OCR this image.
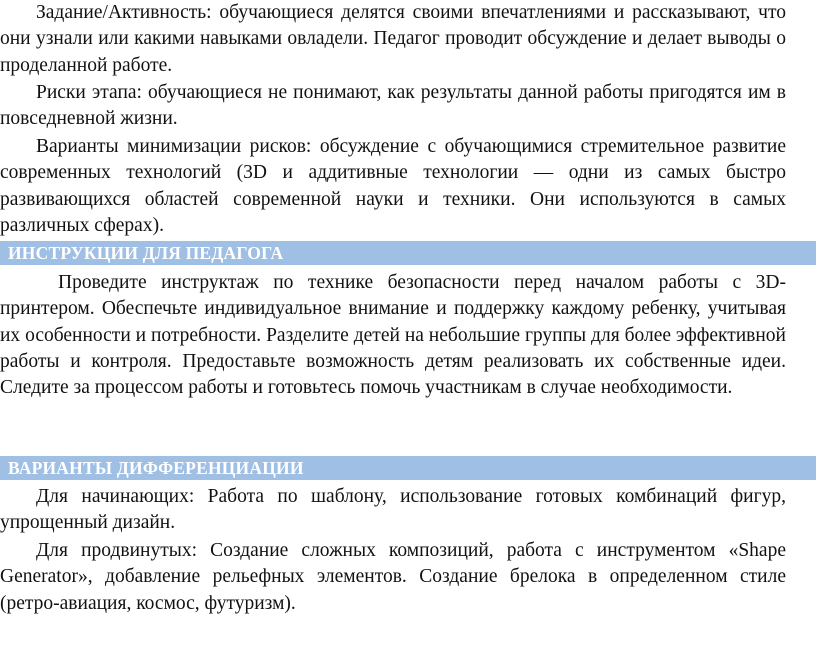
Задание/Активность: обучающиеся делятся своими впечатлениями и рассказывают, что они узнали или какими навыками овладели. Педагог проводит обсуждение и делает выводы о проделанной работе.

Риски этапа: обучающиеся не понимают, как результаты данной работы пригодятся им в повседневной жизни.

Варианты минимизации рисков: обсуждение с обучающимися стремительное развитие современных технологий (3D и аддитивные технологии — одни из самых быстро развивающихся областей современной науки и техники. Они используются в самых различных сферах).

ИНСТРУКЦИИ ДЛЯ ПЕДАГОГА

Проведите инструктаж по технике безопасности перед началом работы с 3D-принтером. Обеспечьте индивидуальное внимание и поддержку каждому ребенку, учитывая их особенности и потребности. Разделите детей на небольшие группы для более эффективной работы и контроля. Предоставьте возможность детям реализовать их собственные идеи. Следите за процессом работы и готовьтесь помочь участникам в случае необходимости.

ВАРИАНТЫ ДИФФЕРЕНЦИАЦИИ

Для начинающих: Работа по шаблону, использование готовых комбинаций фигур, упрощенный дизайн.

Для продвинутых: Создание сложных композиций, работа с инструментом «Shape Generator», добавление рельефных элементов. Создание брелока в определенном стиле (ретро-авиация, космос, футуризм).
